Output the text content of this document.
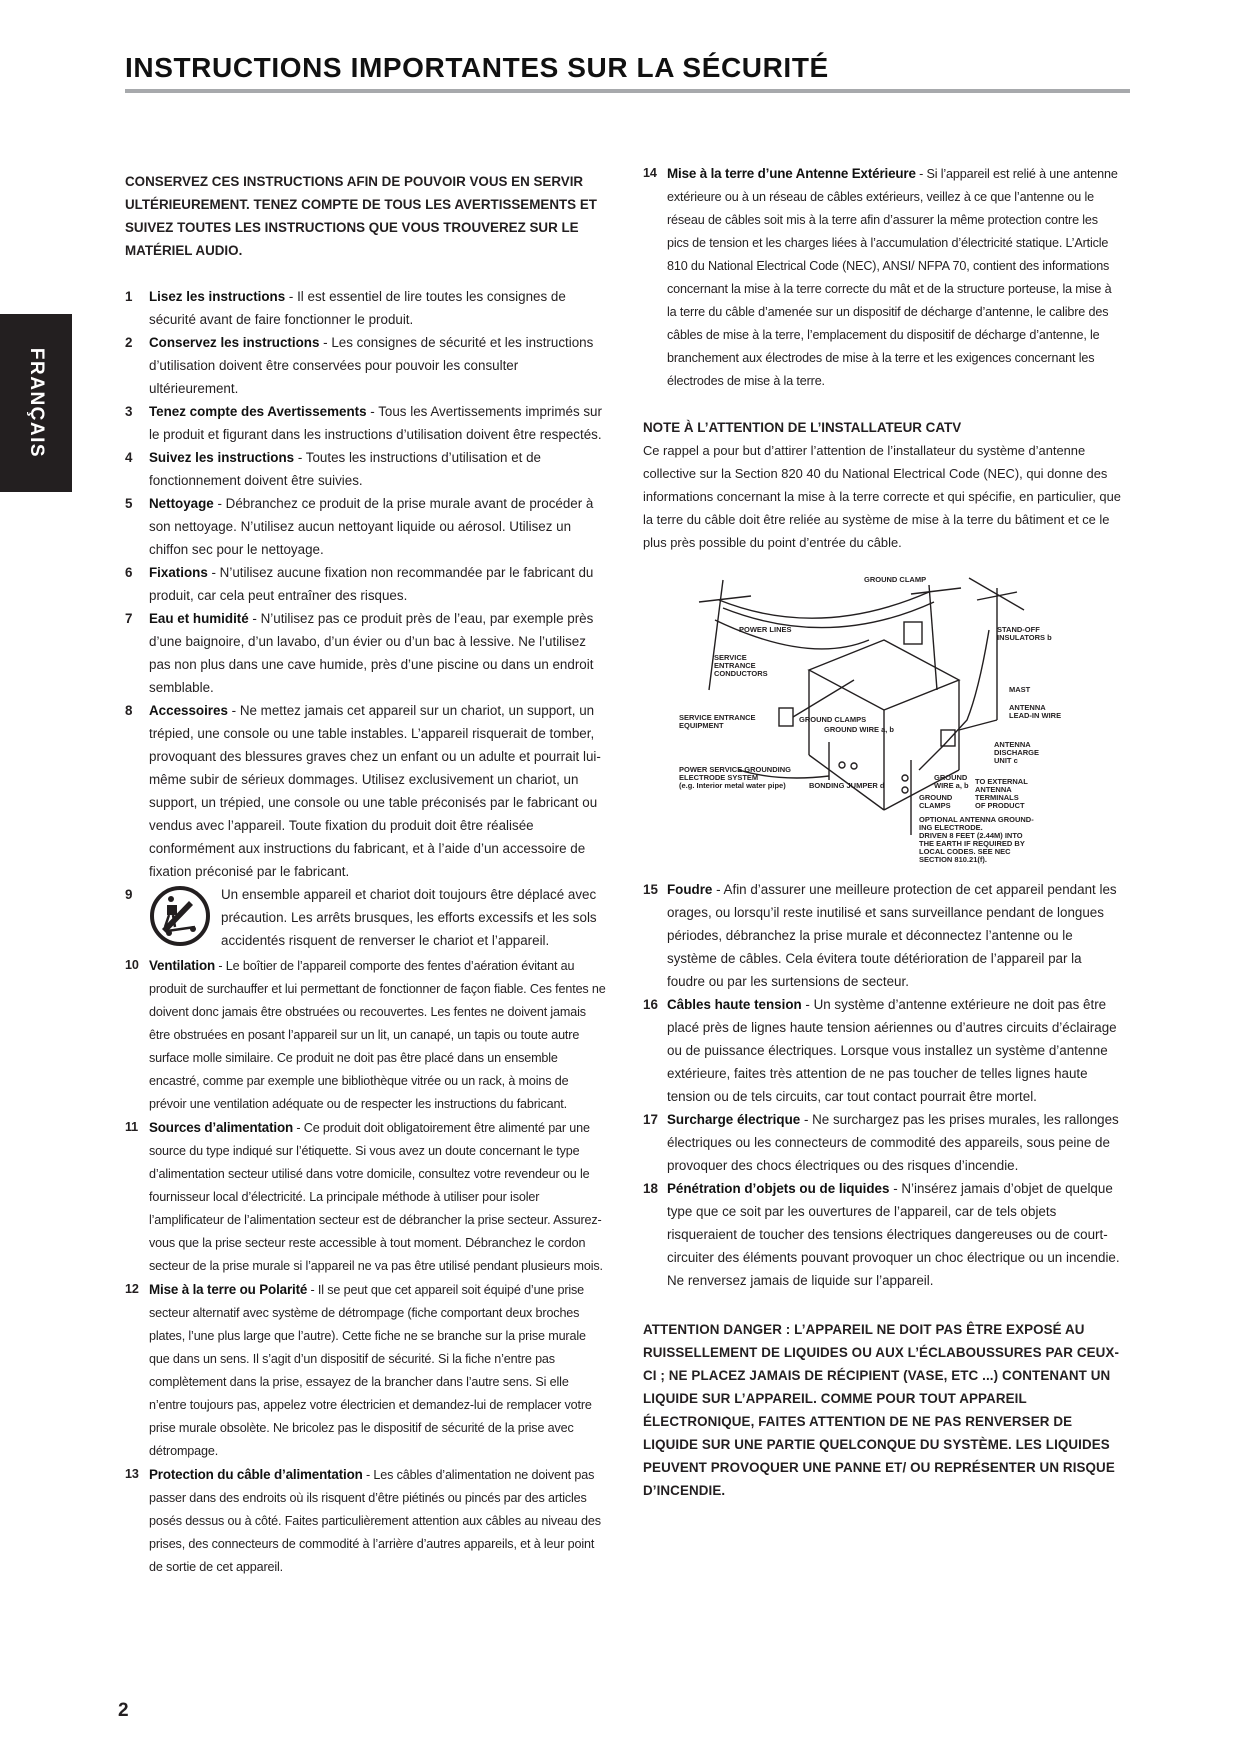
INSTRUCTIONS IMPORTANTES SUR LA SÉCURITÉ
FRANÇAIS

CONSERVEZ CES INSTRUCTIONS AFIN DE POUVOIR VOUS EN SERVIR ULTÉRIEUREMENT. TENEZ COMPTE DE TOUS LES AVERTISSEMENTS ET SUIVEZ TOUTES LES INSTRUCTIONS QUE VOUS TROUVEREZ SUR LE MATÉRIEL AUDIO.

1 Lisez les instructions - Il est essentiel de lire toutes les consignes de sécurité avant de faire fonctionner le produit.
2 Conservez les instructions - Les consignes de sécurité et les instructions d’utilisation doivent être conservées pour pouvoir les consulter ultérieurement.
3 Tenez compte des Avertissements - Tous les Avertissements imprimés sur le produit et figurant dans les instructions d’utilisation doivent être respectés.
4 Suivez les instructions - Toutes les instructions d’utilisation et de fonctionnement doivent être suivies.
5 Nettoyage - Débranchez ce produit de la prise murale avant de procéder à son nettoyage. N’utilisez aucun nettoyant liquide ou aérosol. Utilisez un chiffon sec pour le nettoyage.
6 Fixations - N’utilisez aucune fixation non recommandée par le fabricant du produit, car cela peut entraîner des risques.
7 Eau et humidité - N’utilisez pas ce produit près de l’eau, par exemple près d’une baignoire, d’un lavabo, d’un évier ou d’un bac à lessive. Ne l’utilisez pas non plus dans une cave humide, près d’une piscine ou dans un endroit semblable.
8 Accessoires - Ne mettez jamais cet appareil sur un chariot, un support, un trépied, une console ou une table instables. L’appareil risquerait de tomber, provoquant des blessures graves chez un enfant ou un adulte et pourrait lui-même subir de sérieux dommages. Utilisez exclusivement un chariot, un support, un trépied, une console ou une table préconisés par le fabricant ou vendus avec l’appareil. Toute fixation du produit doit être réalisée conformément aux instructions du fabricant, et à l’aide d’un accessoire de fixation préconisé par le fabricant.
9	Un ensemble appareil et chariot doit toujours être déplacé avec précaution. Les arrêts brusques, les efforts excessifs et les sols accidentés risquent de renverser le chariot et l’appareil.
10 Ventilation - Le boîtier de l’appareil comporte des fentes d’aération évitant au produit de surchauffer et lui permettant de fonctionner de façon fiable. Ces fentes ne doivent donc jamais être obstruées ou recouvertes. Les fentes ne doivent jamais être obstruées en posant l’appareil sur un lit, un canapé, un tapis ou toute autre surface molle similaire. Ce produit ne doit pas être placé dans un ensemble encastré, comme par exemple une bibliothèque vitrée ou un rack, à moins de prévoir une ventilation adéquate ou de respecter les instructions du fabricant.
11 Sources d’alimentation - Ce produit doit obligatoirement être alimenté par une source du type indiqué sur l’étiquette. Si vous avez un doute concernant le type d’alimentation secteur utilisé dans votre domicile, consultez votre revendeur ou le fournisseur local d’électricité. La principale méthode à utiliser pour isoler l’amplificateur de l’alimentation secteur est de débrancher la prise secteur. Assurez-vous que la prise secteur reste accessible à tout moment. Débranchez le cordon secteur de la prise murale si l’appareil ne va pas être utilisé pendant plusieurs mois.
12 Mise à la terre ou Polarité - Il se peut que cet appareil soit équipé d’une prise secteur alternatif avec système de détrompage (fiche comportant deux broches plates, l’une plus large que l’autre). Cette fiche ne se branche sur la prise murale que dans un sens. Il s’agit d’un dispositif de sécurité. Si la fiche n’entre pas complètement dans la prise, essayez de la brancher dans l’autre sens. Si elle n’entre toujours pas, appelez votre électricien et demandez-lui de remplacer votre prise murale obsolète. Ne bricolez pas le dispositif de sécurité de la prise avec détrompage.
13 Protection du câble d’alimentation - Les câbles d’alimentation ne doivent pas passer dans des endroits où ils risquent d’être piétinés ou pincés par des articles posés dessus ou à côté. Faites particulièrement attention aux câbles au niveau des prises, des connecteurs de commodité à l’arrière d’autres appareils, et à leur point de sortie de cet appareil.
14 Mise à la terre d’une Antenne Extérieure - Si l’appareil est relié à une antenne extérieure ou à un réseau de câbles extérieurs, veillez à ce que l’antenne ou le réseau de câbles soit mis à la terre afin d’assurer la même protection contre les pics de tension et les charges liées à l’accumulation d’électricité statique. L’Article 810 du National Electrical Code (NEC), ANSI/ NFPA 70, contient des informations concernant la mise à la terre correcte du mât et de la structure porteuse, la mise à la terre du câble d’amenée sur un dispositif de décharge d’antenne, le calibre des câbles de mise à la terre, l’emplacement du dispositif de décharge d’antenne, le branchement aux électrodes de mise à la terre et les exigences concernant les électrodes de mise à la terre.

NOTE À L’ATTENTION DE L’INSTALLATEUR CATV

Ce rappel a pour but d’attirer l’attention de l’installateur du système d’antenne collective sur la Section 820 40 du National Electrical Code (NEC), qui donne des informations concernant la mise à la terre correcte et qui spécifie, en particulier, que la terre du câble doit être reliée au système de mise à la terre du bâtiment et ce le plus près possible du point d’entrée du câble.

GROUND CLAMP
POWER LINES	STAND-OFF
INSULATORS b
SERVICE
ENTRANCE
CONDUCTORS
MAST
ANTENNA
LEAD-IN WIRE
SERVICE ENTRANCE
EQUIPMENT
GROUND CLAMPS
GROUND WIRE a, b
ANTENNA
DISCHARGE
UNIT c
POWER SERVICE GROUNDING
ELECTRODE SYSTEM
(e.g. Interior metal water pipe)	BONDING JUMPER d
GROUND
WIRE a, b TO EXTERNAL
ANTENNA
TERMINALS
OF PRODUCT
GROUND
CLAMPS
OPTIONAL ANTENNA GROUND-
ING ELECTRODE.
DRIVEN 8 FEET (2.44M) INTO
THE EARTH IF REQUIRED BY
LOCAL CODES. SEE NEC
SECTION 810.21(f).
15 Foudre - Afin d’assurer une meilleure protection de cet appareil pendant les orages, ou lorsqu’il reste inutilisé et sans surveillance pendant de longues périodes, débranchez la prise murale et déconnectez l’antenne ou le système de câbles. Cela évitera toute détérioration de l’appareil par la foudre ou par les surtensions de secteur.
16 Câbles haute tension - Un système d’antenne extérieure ne doit pas être placé près de lignes haute tension aériennes ou d’autres circuits d’éclairage ou de puissance électriques. Lorsque vous installez un système d’antenne extérieure, faites très attention de ne pas toucher de telles lignes haute tension ou de tels circuits, car tout contact pourrait être mortel.
17 Surcharge électrique - Ne surchargez pas les prises murales, les rallonges électriques ou les connecteurs de commodité des appareils, sous peine de provoquer des chocs électriques ou des risques d’incendie.
18 Pénétration d’objets ou de liquides - N’insérez jamais d’objet de quelque type que ce soit par les ouvertures de l’appareil, car de tels objets risqueraient de toucher des tensions électriques dangereuses ou de court-circuiter des éléments pouvant provoquer un choc électrique ou un incendie. Ne renversez jamais de liquide sur l’appareil.

ATTENTION DANGER : L’APPAREIL NE DOIT PAS ÊTRE EXPOSÉ AU RUISSELLEMENT DE LIQUIDES OU AUX L’ÉCLABOUSSURES PAR CEUX-CI ; NE PLACEZ JAMAIS DE RÉCIPIENT (VASE, ETC ...) CONTENANT UN LIQUIDE SUR L’APPAREIL. COMME POUR TOUT APPAREIL ÉLECTRONIQUE, FAITES ATTENTION DE NE PAS RENVERSER DE LIQUIDE SUR UNE PARTIE QUELCONQUE DU SYSTÈME. LES LIQUIDES PEUVENT PROVOQUER UNE PANNE ET/ OU REPRÉSENTER UN RISQUE D’INCENDIE.

2
